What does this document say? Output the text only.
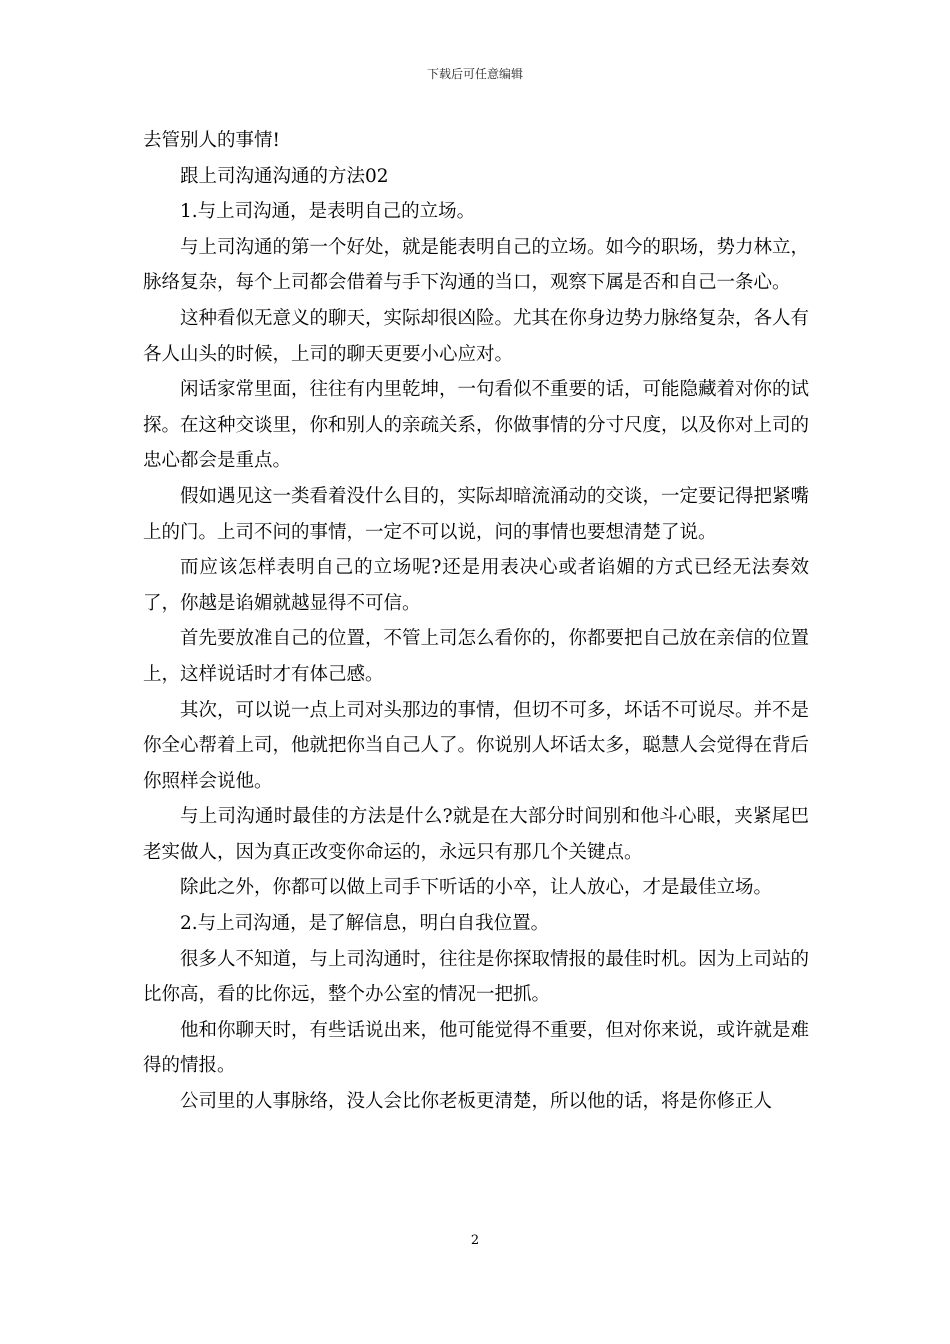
下载后可任意编辑

去管别人的事情!

跟上司沟通沟通的方法02

1.与上司沟通，是表明自己的立场。

与上司沟通的第一个好处，就是能表明自己的立场。如今的职场，势力林立，脉络复杂，每个上司都会借着与手下沟通的当口，观察下属是否和自己一条心。

这种看似无意义的聊天，实际却很凶险。尤其在你身边势力脉络复杂，各人有各人山头的时候，上司的聊天更要小心应对。

闲话家常里面，往往有内里乾坤，一句看似不重要的话，可能隐藏着对你的试探。在这种交谈里，你和别人的亲疏关系，你做事情的分寸尺度，以及你对上司的忠心都会是重点。

假如遇见这一类看着没什么目的，实际却暗流涌动的交谈，一定要记得把紧嘴上的门。上司不问的事情，一定不可以说，问的事情也要想清楚了说。

而应该怎样表明自己的立场呢?还是用表决心或者谄媚的方式已经无法奏效了，你越是谄媚就越显得不可信。

首先要放准自己的位置，不管上司怎么看你的，你都要把自己放在亲信的位置上，这样说话时才有体己感。

其次，可以说一点上司对头那边的事情，但切不可多，坏话不可说尽。并不是你全心帮着上司，他就把你当自己人了。你说别人坏话太多，聪慧人会觉得在背后你照样会说他。

与上司沟通时最佳的方法是什么?就是在大部分时间别和他斗心眼，夹紧尾巴老实做人，因为真正改变你命运的，永远只有那几个关键点。

除此之外，你都可以做上司手下听话的小卒，让人放心，才是最佳立场。

2.与上司沟通，是了解信息，明白自我位置。

很多人不知道，与上司沟通时，往往是你探取情报的最佳时机。因为上司站的比你高，看的比你远，整个办公室的情况一把抓。

他和你聊天时，有些话说出来，他可能觉得不重要，但对你来说，或许就是难得的情报。

公司里的人事脉络，没人会比你老板更清楚，所以他的话，将是你修正人

2
